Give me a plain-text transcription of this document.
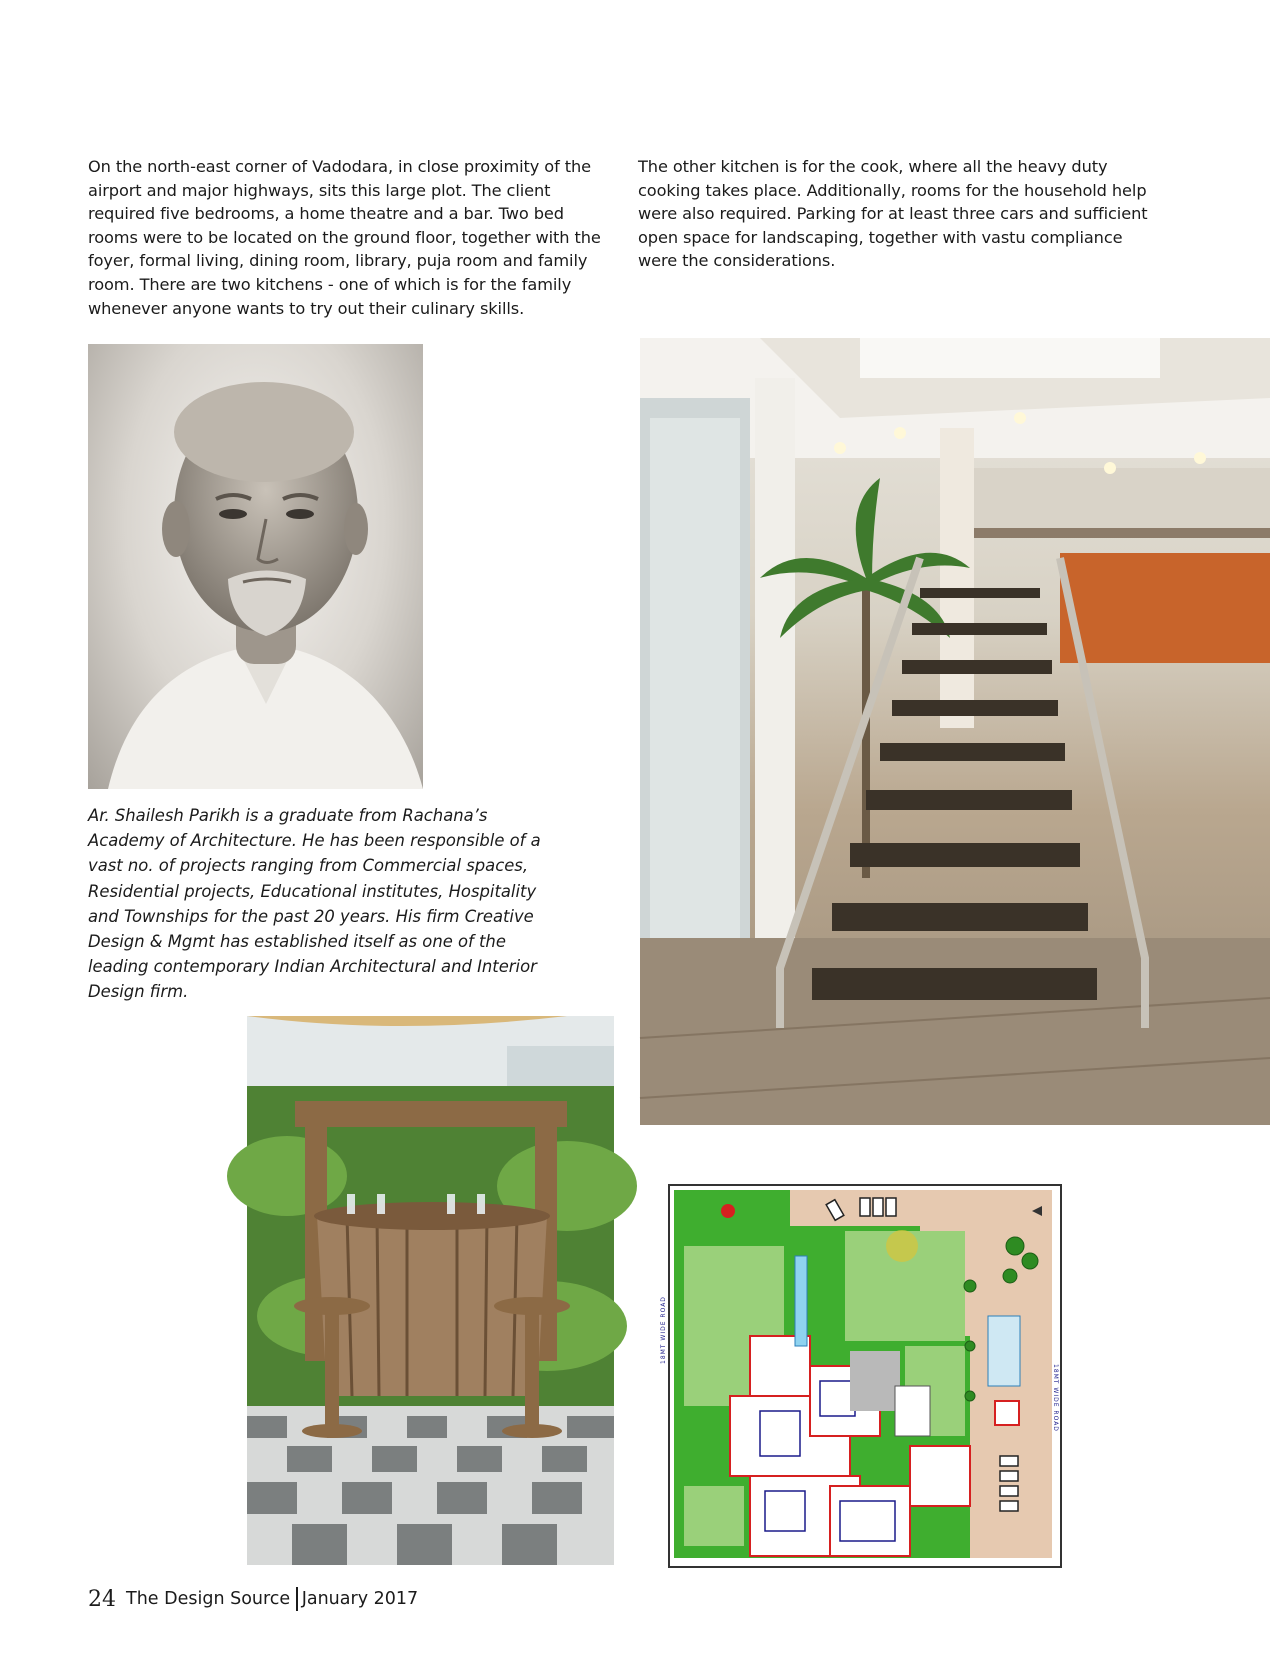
On the north-east corner of Vadodara, in close proximity of the airport and major highways, sits this large plot. The client required five bedrooms, a home theatre and a bar. Two bed rooms were to be located on the ground floor, together with the foyer, formal living, dining room, library, puja room and family room. There are two kitchens - one of which is for the family whenever anyone wants to try out their culinary skills.

The other kitchen is for the cook, where all the heavy duty cooking takes place. Additionally, rooms for the household help were also required. Parking for at least three cars and sufficient open space for landscaping, together with vastu compliance were the considerations.

Ar. Shailesh Parikh is a graduate from Rachana’s Academy of Architecture. He has been responsible of a vast no. of projects ranging from Commercial spaces, Residential projects, Educational institutes, Hospitality and Townships for the past 20 years. His firm Creative Design & Mgmt has established itself as one of the leading contemporary Indian Architectural and Interior Design firm.

18MT WIDE ROAD
18MT WIDE ROAD
24 The Design Source January 2017
